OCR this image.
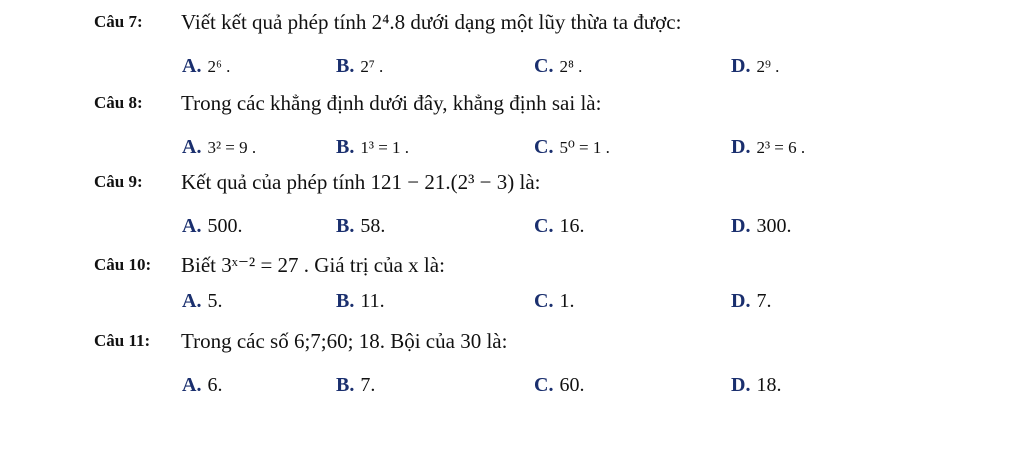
Câu 7: Viết kết quả phép tính 2⁴.8 dưới dạng một lũy thừa ta được:
A. 2⁶ .	B. 2⁷ .	C. 2⁸ .	D. 2⁹ .
Câu 8: Trong các khẳng định dưới đây, khẳng định sai là:
A. 3² = 9 .	B. 1³ = 1 .	C. 5⁰ = 1 .	D. 2³ = 6 .
Câu 9: Kết quả của phép tính 121 − 21.(2³ − 3) là:
A. 500.	B. 58.	C. 16.	D. 300.
Câu 10: Biết 3ˣ⁻² = 27 . Giá trị của x là:
A. 5.	B. 11.	C. 1.	D. 7.
Câu 11: Trong các số 6;7;60; 18. Bội của 30 là:
A. 6.	B. 7.	C. 60.	D. 18.
